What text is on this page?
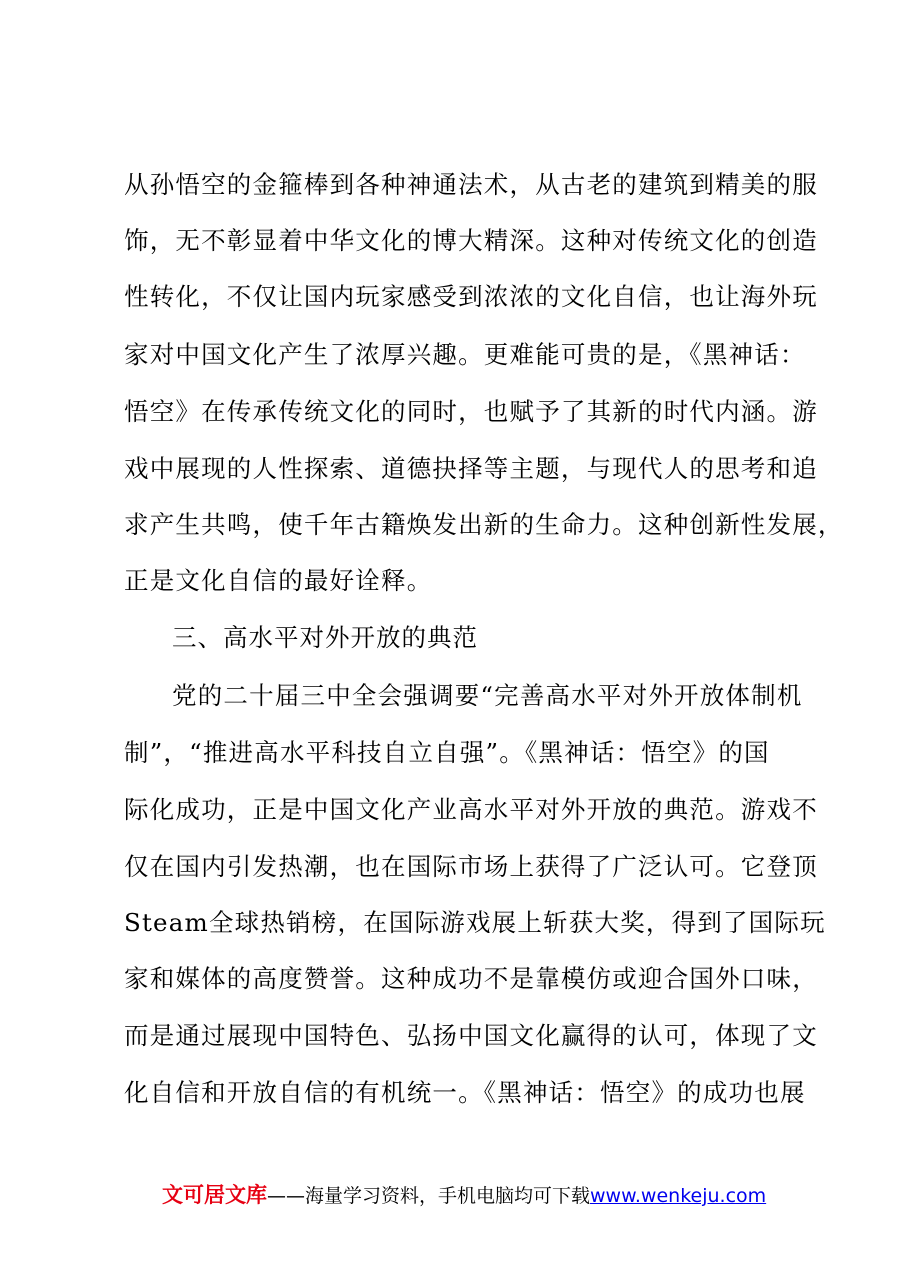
从孙悟空的金箍棒到各种神通法术，从古老的建筑到精美的服
饰，无不彰显着中华文化的博大精深。这种对传统文化的创造
性转化，不仅让国内玩家感受到浓浓的文化自信，也让海外玩
家对中国文化产生了浓厚兴趣。更难能可贵的是，《黑神话：
悟空》在传承传统文化的同时，也赋予了其新的时代内涵。游
戏中展现的人性探索、道德抉择等主题，与现代人的思考和追
求产生共鸣，使千年古籍焕发出新的生命力。这种创新性发展，
正是文化自信的最好诠释。
三、高水平对外开放的典范
党的二十届三中全会强调要“完善高水平对外开放体制机
制”，“推进高水平科技自立自强”。《黑神话：悟空》的国
际化成功，正是中国文化产业高水平对外开放的典范。游戏不
仅在国内引发热潮，也在国际市场上获得了广泛认可。它登顶
Steam全球热销榜，在国际游戏展上斩获大奖，得到了国际玩
家和媒体的高度赞誉。这种成功不是靠模仿或迎合国外口味，
而是通过展现中国特色、弘扬中国文化赢得的认可，体现了文
化自信和开放自信的有机统一。《黑神话：悟空》的成功也展
文可居文库——海量学习资料，手机电脑均可下载www.wenkeju.com
